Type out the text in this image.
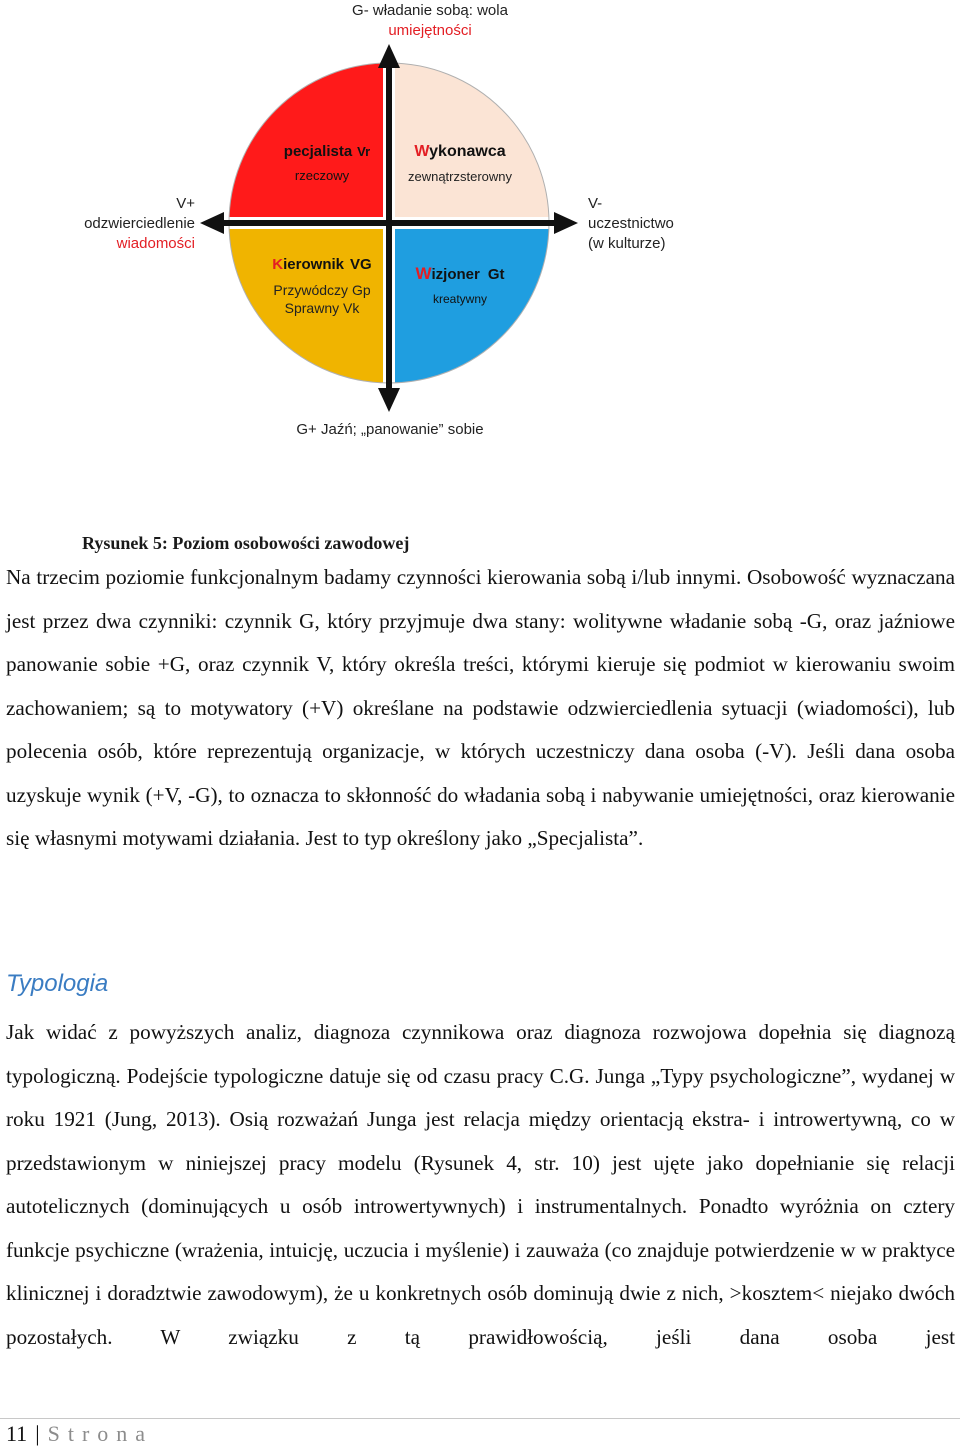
G- władanie sobą: wola
umiejętności
V+
odzwierciedlenie
wiadomości
V-
uczestnictwo
(w kulturze)
pecjalista Vr
rzeczowy
Wykonawca
zewnątrzsterowny
Kierownik VG
Przywódczy Gp
Sprawny Vk
Wizjoner Gt
kreatywny
G+ Jaźń; „panowanie” sobie
Rysunek 5: Poziom osobowości zawodowej

Na trzecim poziomie funkcjonalnym badamy czynności kierowania sobą i/lub innymi. Osobowość wyznaczana jest przez dwa czynniki: czynnik G, który przyjmuje dwa stany: wolitywne władanie sobą -G, oraz jaźniowe panowanie sobie +G, oraz czynnik V, który określa treści, którymi kieruje się podmiot w kierowaniu swoim zachowaniem; są to motywatory (+V) określane na podstawie odzwierciedlenia sytuacji (wiadomości), lub polecenia osób, które reprezentują organizacje, w których uczestniczy dana osoba (-V). Jeśli dana osoba uzyskuje wynik (+V, -G), to oznacza to skłonność do władania sobą i nabywanie umiejętności, oraz kierowanie się własnymi motywami działania. Jest to typ określony jako „Specjalista”.

Typologia

Jak widać z powyższych analiz, diagnoza czynnikowa oraz diagnoza rozwojowa dopełnia się diagnozą typologiczną. Podejście typologiczne datuje się od czasu pracy C.G. Junga „Typy psychologiczne”, wydanej w roku 1921 (Jung, 2013). Osią rozważań Junga jest relacja między orientacją ekstra- i introwertywną, co w przedstawionym w niniejszej pracy modelu (Rysunek 4, str. 10) jest ujęte jako dopełnianie się relacji autotelicznych (dominujących u osób introwertywnych) i instrumentalnych. Ponadto wyróżnia on cztery funkcje psychiczne (wrażenia, intuicję, uczucia i myślenie) i zauważa (co znajduje potwierdzenie w w praktyce klinicznej i doradztwie zawodowym), że u konkretnych osób dominują dwie z nich, >kosztem< niejako dwóch pozostałych. W związku z tą prawidłowością, jeśli dana osoba jest

11 | Strona
